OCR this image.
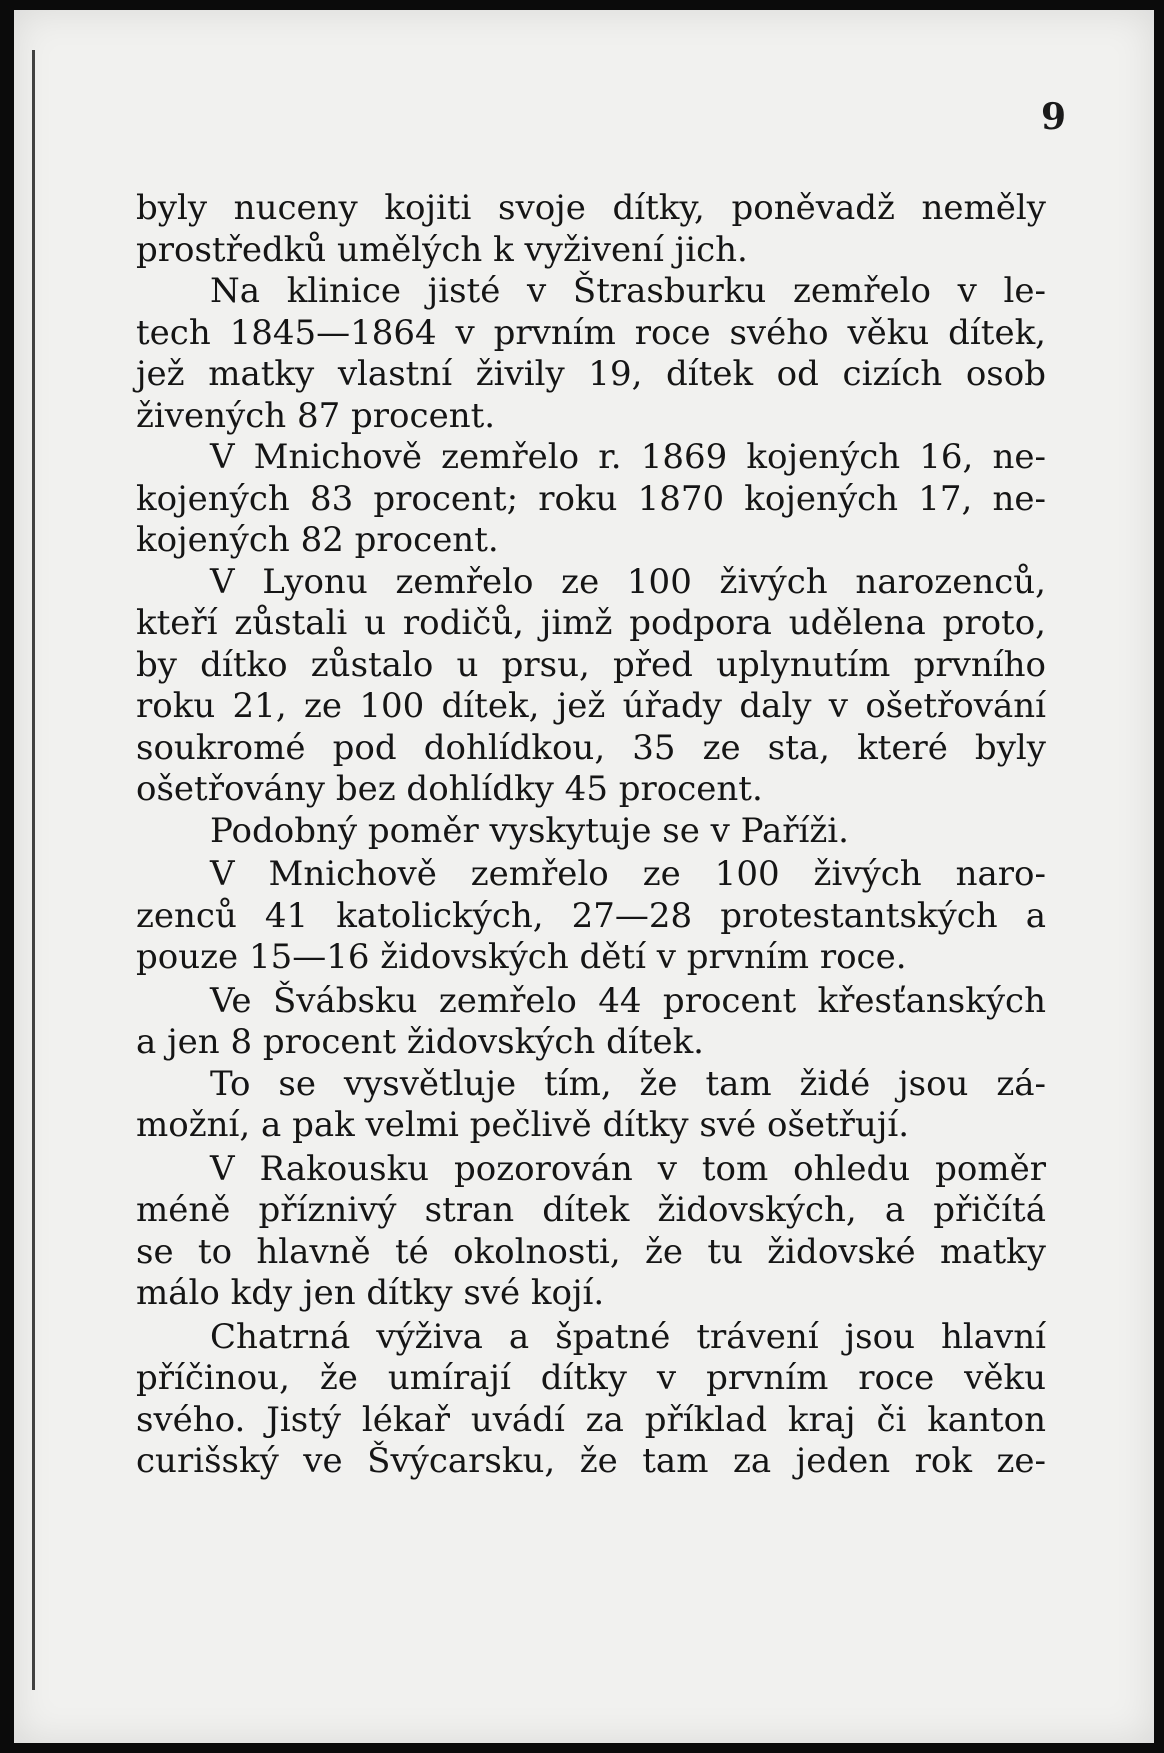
9
byly nuceny kojiti svoje dítky, poněvadž neměly
prostředků umělých k vyživení jich.
Na klinice jisté v Štrasburku zemřelo v le-
tech 1845—1864 v prvním roce svého věku dítek,
jež matky vlastní živily 19, dítek od cizích osob
živených 87 procent.
V Mnichově zemřelo r. 1869 kojených 16, ne-
kojených 83 procent; roku 1870 kojených 17, ne-
kojených 82 procent.
V Lyonu zemřelo ze 100 živých narozenců,
kteří zůstali u rodičů, jimž podpora udělena proto,
by dítko zůstalo u prsu, před uplynutím prvního
roku 21, ze 100 dítek, jež úřady daly v ošetřování
soukromé pod dohlídkou, 35 ze sta, které byly
ošetřovány bez dohlídky 45 procent.
Podobný poměr vyskytuje se v Paříži.
V Mnichově zemřelo ze 100 živých naro-
zenců 41 katolických, 27—28 protestantských a
pouze 15—16 židovských dětí v prvním roce.
Ve Švábsku zemřelo 44 procent křesťanských
a jen 8 procent židovských dítek.
To se vysvětluje tím, že tam židé jsou zá-
možní, a pak velmi pečlivě dítky své ošetřují.
V Rakousku pozorován v tom ohledu poměr
méně příznivý stran dítek židovských, a přičítá
se to hlavně té okolnosti, že tu židovské matky
málo kdy jen dítky své kojí.
Chatrná výživa a špatné trávení jsou hlavní
příčinou, že umírají dítky v prvním roce věku
svého. Jistý lékař uvádí za příklad kraj či kanton
curišský ve Švýcarsku, že tam za jeden rok ze-
